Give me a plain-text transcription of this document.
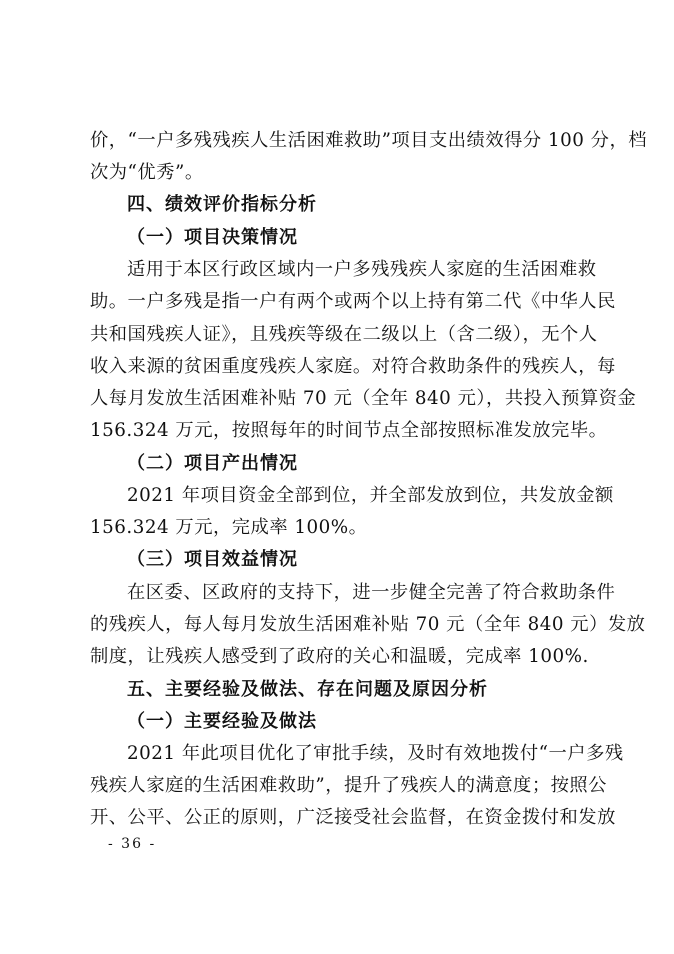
价，“一户多残残疾人生活困难救助”项目支出绩效得分 100 分，档
次为“优秀”。
四、绩效评价指标分析
（一）项目决策情况
适用于本区行政区域内一户多残残疾人家庭的生活困难救
助。一户多残是指一户有两个或两个以上持有第二代《中华人民
共和国残疾人证》，且残疾等级在二级以上（含二级），无个人
收入来源的贫困重度残疾人家庭。对符合救助条件的残疾人，每
人每月发放生活困难补贴 70 元（全年 840 元），共投入预算资金
156.324 万元，按照每年的时间节点全部按照标准发放完毕。
（二）项目产出情况
2021 年项目资金全部到位，并全部发放到位，共发放金额
156.324 万元，完成率 100%。
（三）项目效益情况
在区委、区政府的支持下，进一步健全完善了符合救助条件
的残疾人，每人每月发放生活困难补贴 70 元（全年 840 元）发放
制度，让残疾人感受到了政府的关心和温暖，完成率 100%.
五、主要经验及做法、存在问题及原因分析
（一）主要经验及做法
2021 年此项目优化了审批手续，及时有效地拨付“一户多残
残疾人家庭的生活困难救助”，提升了残疾人的满意度；按照公
开、公平、公正的原则，广泛接受社会监督，在资金拨付和发放
- 36 -
